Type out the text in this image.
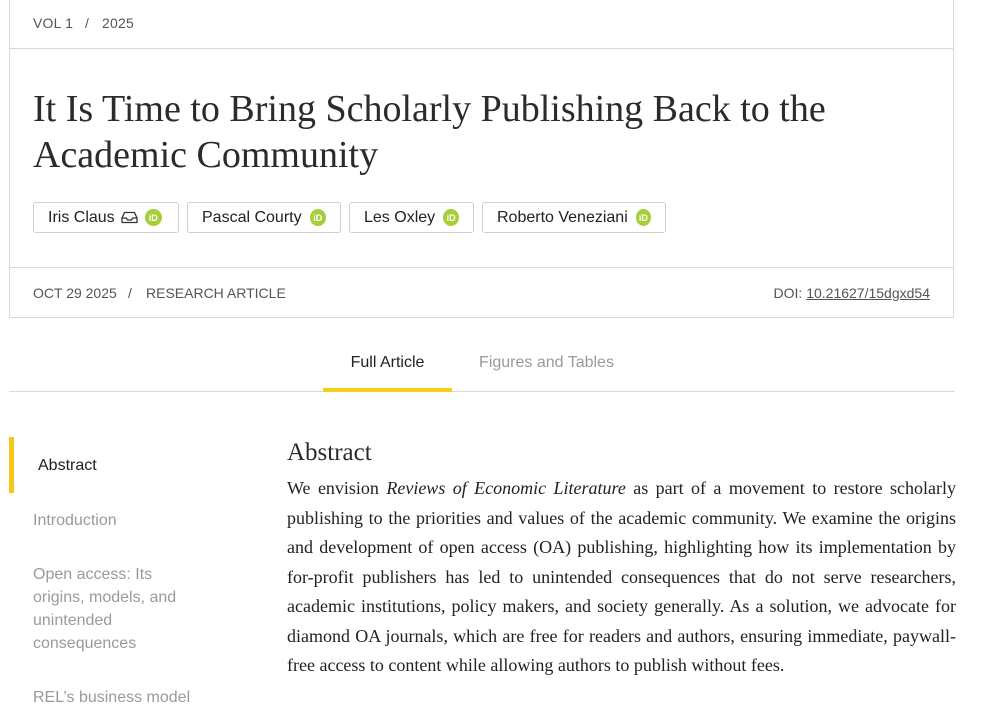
VOL 1 / 2025
It Is Time to Bring Scholarly Publishing Back to the Academic Community
Iris Claus	iD	Pascal Courty	iD	Les Oxley	iD	Roberto Veneziani	iD
OCT 29 2025 / RESEARCH ARTICLE	DOI: 10.21627/15dgxd54
Full Article	Figures and Tables
Abstract
Introduction
Open access: Its origins, models, and unintended consequences
REL’s business model
Abstract

We envision Reviews of Economic Literature as part of a movement to restore scholarly publishing to the priorities and values of the academic community. We examine the origins and development of open access (OA) publishing, highlighting how its implementation by for-profit publishers has led to unintended consequences that do not serve researchers, academic institutions, policy makers, and society generally. As a solution, we advocate for diamond OA journals, which are free for readers and authors, ensuring immediate, paywall-free access to content while allowing authors to publish without fees.
